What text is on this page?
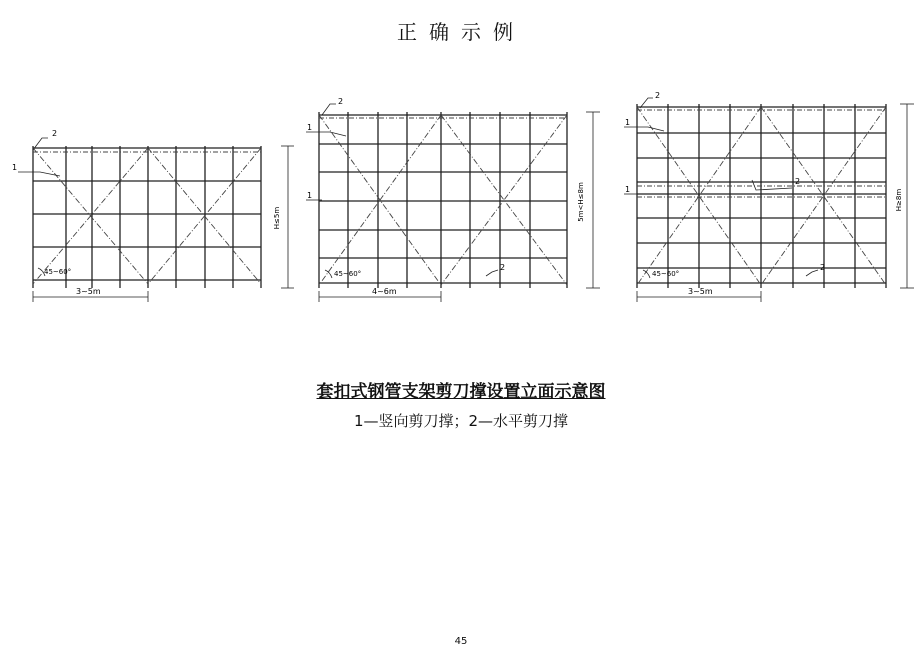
正确示例
2
1
45~60°
3~5m
H≤5m
2
1
1
2
45~60°
4~6m
5m<H≤8m
2
1
1
2
2
45~60°
3~5m
H≥8m
套扣式钢管支架剪刀撑设置立面示意图
1—竖向剪刀撑；2—水平剪刀撑
45
